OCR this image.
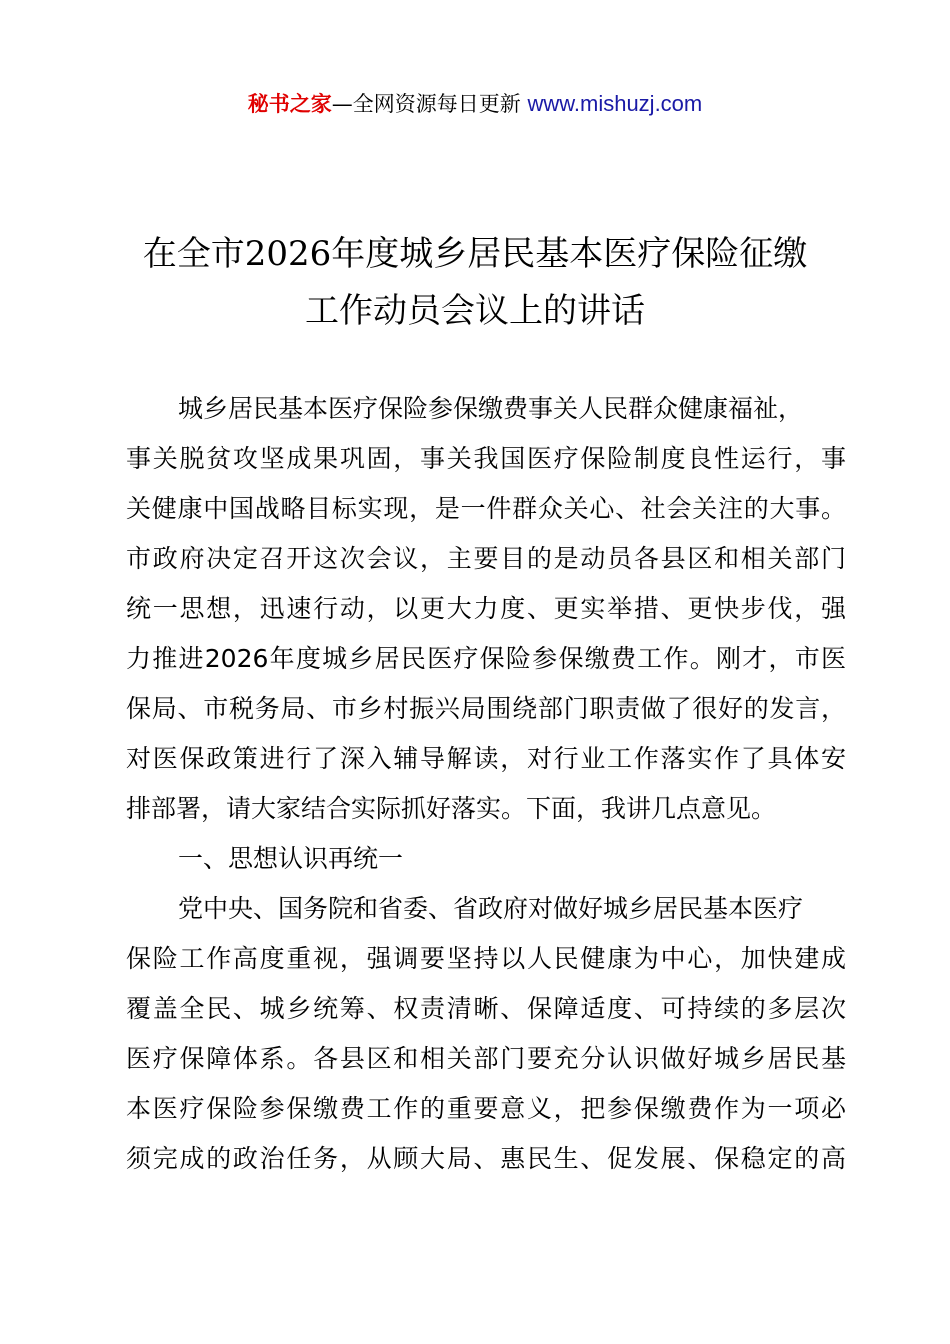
秘书之家—全网资源每日更新 www.mishuzj.com
在全市2026年度城乡居民基本医疗保险征缴
工作动员会议上的讲话
城乡居民基本医疗保险参保缴费事关人民群众健康福祉，
事关脱贫攻坚成果巩固，事关我国医疗保险制度良性运行，事
关健康中国战略目标实现，是一件群众关心、社会关注的大事。
市政府决定召开这次会议，主要目的是动员各县区和相关部门
统一思想，迅速行动，以更大力度、更实举措、更快步伐，强
力推进2026年度城乡居民医疗保险参保缴费工作。刚才，市医
保局、市税务局、市乡村振兴局围绕部门职责做了很好的发言，
对医保政策进行了深入辅导解读，对行业工作落实作了具体安
排部署，请大家结合实际抓好落实。下面，我讲几点意见。
一、思想认识再统一
党中央、国务院和省委、省政府对做好城乡居民基本医疗
保险工作高度重视，强调要坚持以人民健康为中心，加快建成
覆盖全民、城乡统筹、权责清晰、保障适度、可持续的多层次
医疗保障体系。各县区和相关部门要充分认识做好城乡居民基
本医疗保险参保缴费工作的重要意义，把参保缴费作为一项必
须完成的政治任务，从顾大局、惠民生、促发展、保稳定的高
